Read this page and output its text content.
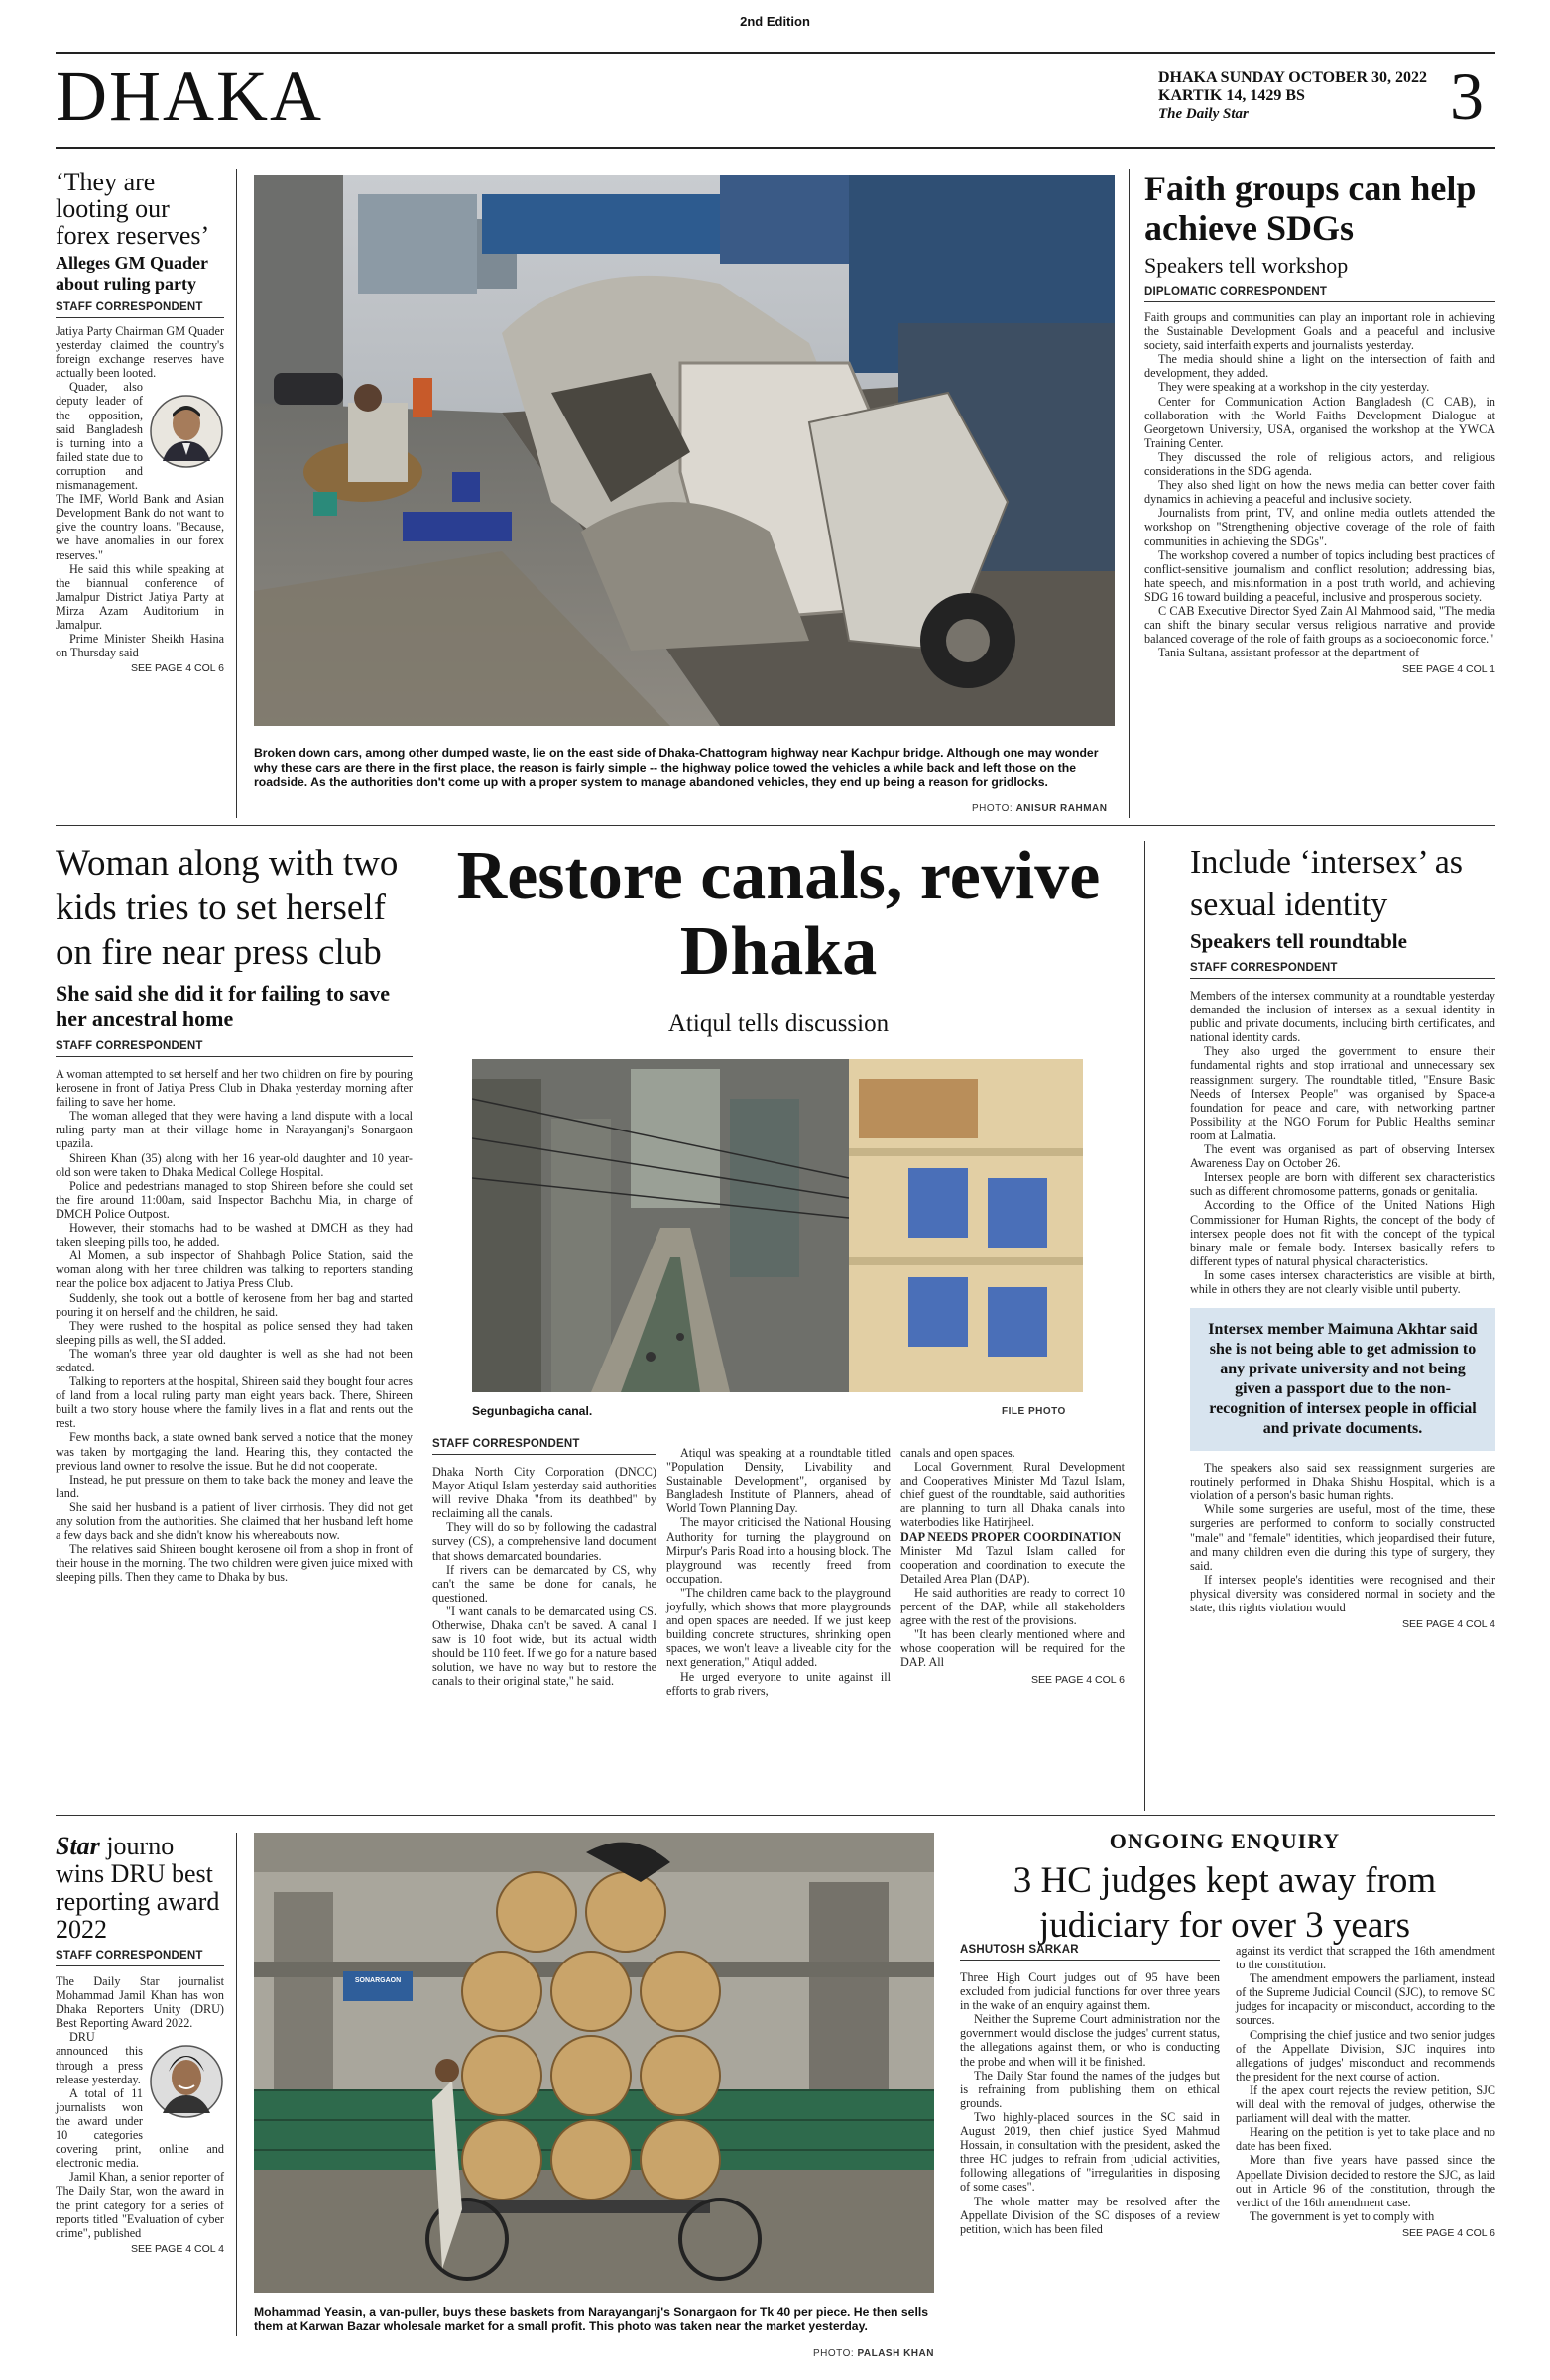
2nd Edition
DHAKA	DHAKA SUNDAY OCTOBER 30, 2022
KARTIK 14, 1429 BS
The Daily Star	3
‘They are looting our forex reserves’
Alleges GM Quader about ruling party
STAFF CORRESPONDENT

Jatiya Party Chairman GM Quader yesterday claimed the country's foreign exchange reserves have actually been looted.

Quader, also deputy leader of the opposition, said Bangladesh is turning into a failed state due to corruption and mismanagement. The IMF, World Bank and Asian Development Bank do not want to give the country loans. "Because, we have anomalies in our forex reserves."

He said this while speaking at the biannual conference of Jamalpur District Jatiya Party at Mirza Azam Auditorium in Jamalpur.

Prime Minister Sheikh Hasina on Thursday said

SEE PAGE 4 COL 6
Broken down cars, among other dumped waste, lie on the east side of Dhaka-Chattogram highway near Kachpur bridge. Although one may wonder why these cars are there in the first place, the reason is fairly simple -- the highway police towed the vehicles a while back and left those on the roadside. As the authorities don't come up with a proper system to manage abandoned vehicles, they end up being a reason for gridlocks.
PHOTO: ANISUR RAHMAN
Faith groups can help achieve SDGs
Speakers tell workshop
DIPLOMATIC CORRESPONDENT

Faith groups and communities can play an important role in achieving the Sustainable Development Goals and a peaceful and inclusive society, said interfaith experts and journalists yesterday.

The media should shine a light on the intersection of faith and development, they added.

They were speaking at a workshop in the city yesterday.

Center for Communication Action Bangladesh (C CAB), in collaboration with the World Faiths Development Dialogue at Georgetown University, USA, organised the workshop at the YWCA Training Center.

They discussed the role of religious actors, and religious considerations in the SDG agenda.

They also shed light on how the news media can better cover faith dynamics in achieving a peaceful and inclusive society.

Journalists from print, TV, and online media outlets attended the workshop on "Strengthening objective coverage of the role of faith communities in achieving the SDGs".

The workshop covered a number of topics including best practices of conflict-sensitive journalism and conflict resolution; addressing bias, hate speech, and misinformation in a post truth world, and achieving SDG 16 toward building a peaceful, inclusive and prosperous society.

C CAB Executive Director Syed Zain Al Mahmood said, "The media can shift the binary secular versus religious narrative and provide balanced coverage of the role of faith groups as a socioeconomic force."

Tania Sultana, assistant professor at the department of

SEE PAGE 4 COL 1
Woman along with two kids tries to set herself on fire near press club
She said she did it for failing to save her ancestral home
STAFF CORRESPONDENT

A woman attempted to set herself and her two children on fire by pouring kerosene in front of Jatiya Press Club in Dhaka yesterday morning after failing to save her home.

The woman alleged that they were having a land dispute with a local ruling party man at their village home in Narayanganj's Sonargaon upazila.

Shireen Khan (35) along with her 16 year-old daughter and 10 year-old son were taken to Dhaka Medical College Hospital.

Police and pedestrians managed to stop Shireen before she could set the fire around 11:00am, said Inspector Bachchu Mia, in charge of DMCH Police Outpost.

However, their stomachs had to be washed at DMCH as they had taken sleeping pills too, he added.

Al Momen, a sub inspector of Shahbagh Police Station, said the woman along with her three children was talking to reporters standing near the police box adjacent to Jatiya Press Club.

Suddenly, she took out a bottle of kerosene from her bag and started pouring it on herself and the children, he said.

They were rushed to the hospital as police sensed they had taken sleeping pills as well, the SI added.

The woman's three year old daughter is well as she had not been sedated.

Talking to reporters at the hospital, Shireen said they bought four acres of land from a local ruling party man eight years back. There, Shireen built a two story house where the family lives in a flat and rents out the rest.

Few months back, a state owned bank served a notice that the money was taken by mortgaging the land. Hearing this, they contacted the previous land owner to resolve the issue. But he did not cooperate.

Instead, he put pressure on them to take back the money and leave the land.

She said her husband is a patient of liver cirrhosis. They did not get any solution from the authorities. She claimed that her husband left home a few days back and she didn't know his whereabouts now.

The relatives said Shireen bought kerosene oil from a shop in front of their house in the morning. The two children were given juice mixed with sleeping pills. Then they came to Dhaka by bus.

Restore canals, revive Dhaka
Atiqul tells discussion
Segunbagicha canal.	FILE PHOTO
STAFF CORRESPONDENT

Dhaka North City Corporation (DNCC) Mayor Atiqul Islam yesterday said authorities will revive Dhaka "from its deathbed" by reclaiming all the canals.

They will do so by following the cadastral survey (CS), a comprehensive land document that shows demarcated boundaries.

If rivers can be demarcated by CS, why can't the same be done for canals, he questioned.

"I want canals to be demarcated using CS. Otherwise, Dhaka can't be saved. A canal I saw is 10 foot wide, but its actual width should be 110 feet. If we go for a nature based solution, we have no way but to restore the canals to their original state," he said.

Atiqul was speaking at a roundtable titled "Population Density, Livability and Sustainable Development", organised by Bangladesh Institute of Planners, ahead of World Town Planning Day.

The mayor criticised the National Housing Authority for turning the playground on Mirpur's Paris Road into a housing block. The playground was recently freed from occupation.

"The children came back to the playground joyfully, which shows that more playgrounds and open spaces are needed. If we just keep building concrete structures, shrinking open spaces, we won't leave a liveable city for the next generation," Atiqul added.

He urged everyone to unite against ill efforts to grab rivers,

canals and open spaces.

Local Government, Rural Development and Cooperatives Minister Md Tazul Islam, chief guest of the roundtable, said authorities are planning to turn all Dhaka canals into waterbodies like Hatirjheel.

DAP NEEDS PROPER COORDINATION

Minister Md Tazul Islam called for cooperation and coordination to execute the Detailed Area Plan (DAP).

He said authorities are ready to correct 10 percent of the DAP, while all stakeholders agree with the rest of the provisions.

"It has been clearly mentioned where and whose cooperation will be required for the DAP. All

SEE PAGE 4 COL 6
Include ‘intersex’ as sexual identity
Speakers tell roundtable
STAFF CORRESPONDENT

Members of the intersex community at a roundtable yesterday demanded the inclusion of intersex as a sexual identity in public and private documents, including birth certificates, and national identity cards.

They also urged the government to ensure their fundamental rights and stop irrational and unnecessary sex reassignment surgery. The roundtable titled, "Ensure Basic Needs of Intersex People" was organised by Space-a foundation for peace and care, with networking partner Possibility at the NGO Forum for Public Healths seminar room at Lalmatia.

The event was organised as part of observing Intersex Awareness Day on October 26.

Intersex people are born with different sex characteristics such as different chromosome patterns, gonads or genitalia.

According to the Office of the United Nations High Commissioner for Human Rights, the concept of the body of intersex people does not fit with the concept of the typical binary male or female body. Intersex basically refers to different types of natural physical characteristics.

In some cases intersex characteristics are visible at birth, while in others they are not clearly visible until puberty.

Intersex member Maimuna Akhtar said she is not being able to get admission to any private university and not being given a passport due to the non-recognition of intersex people in official and private documents.

The speakers also said sex reassignment surgeries are routinely performed in Dhaka Shishu Hospital, which is a violation of a person's basic human rights.

While some surgeries are useful, most of the time, these surgeries are performed to conform to socially constructed "male" and "female" identities, which jeopardised their future, and many children even die during this type of surgery, they said.

If intersex people's identities were recognised and their physical diversity was considered normal in society and the state, this rights violation would

SEE PAGE 4 COL 4
Star journo wins DRU best reporting award 2022
STAFF CORRESPONDENT

The Daily Star journalist Mohammad Jamil Khan has won Dhaka Reporters Unity (DRU) Best Reporting Award 2022.

DRU announced this through a press release yesterday.

A total of 11 journalists won the award under 10 categories covering print, online and electronic media.

Jamil Khan, a senior reporter of The Daily Star, won the award in the print category for a series of reports titled "Evaluation of cyber crime", published

SEE PAGE 4 COL 4
SONARGAON
Mohammad Yeasin, a van-puller, buys these baskets from Narayanganj's Sonargaon for Tk 40 per piece. He then sells them at Karwan Bazar wholesale market for a small profit. This photo was taken near the market yesterday.
PHOTO: PALASH KHAN
ONGOING ENQUIRY
3 HC judges kept away from judiciary for over 3 years
ASHUTOSH SARKAR

Three High Court judges out of 95 have been excluded from judicial functions for over three years in the wake of an enquiry against them.

Neither the Supreme Court administration nor the government would disclose the judges' current status, the allegations against them, or who is conducting the probe and when will it be finished.

The Daily Star found the names of the judges but is refraining from publishing them on ethical grounds.

Two highly-placed sources in the SC said in August 2019, then chief justice Syed Mahmud Hossain, in consultation with the president, asked the three HC judges to refrain from judicial activities, following allegations of "irregularities in disposing of some cases".

The whole matter may be resolved after the Appellate Division of the SC disposes of a review petition, which has been filed

against its verdict that scrapped the 16th amendment to the constitution.

The amendment empowers the parliament, instead of the Supreme Judicial Council (SJC), to remove SC judges for incapacity or misconduct, according to the sources.

Comprising the chief justice and two senior judges of the Appellate Division, SJC inquires into allegations of judges' misconduct and recommends the president for the next course of action.

If the apex court rejects the review petition, SJC will deal with the removal of judges, otherwise the parliament will deal with the matter.

Hearing on the petition is yet to take place and no date has been fixed.

More than five years have passed since the Appellate Division decided to restore the SJC, as laid out in Article 96 of the constitution, through the verdict of the 16th amendment case.

The government is yet to comply with

SEE PAGE 4 COL 6
